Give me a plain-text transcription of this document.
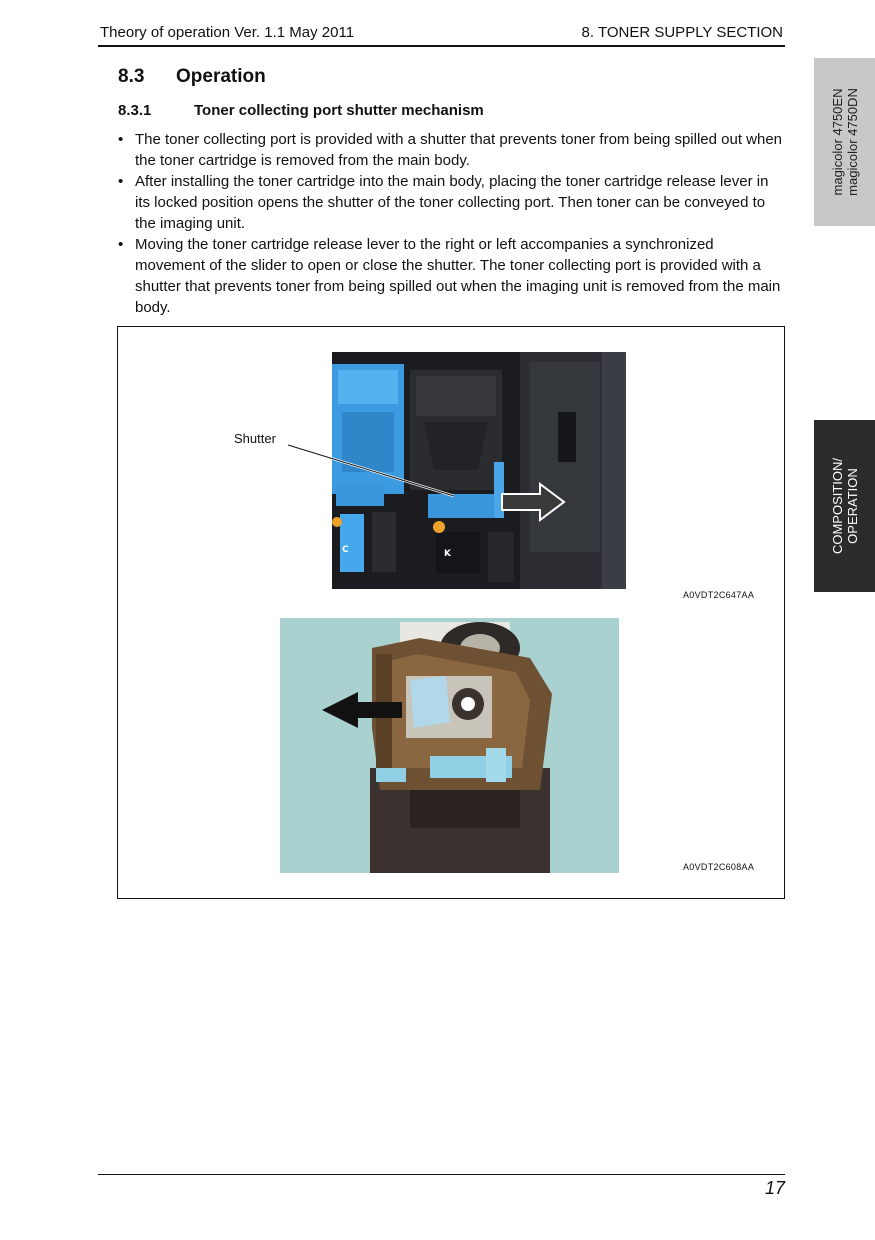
Theory of operation Ver. 1.1 May 2011	8. TONER SUPPLY SECTION
magicolor 4750EN magicolor 4750DN
COMPOSITION/ OPERATION
8.3 Operation
8.3.1	Toner collecting port shutter mechanism
• The toner collecting port is provided with a shutter that prevents toner from being spilled out when the toner cartridge is removed from the main body.
• After installing the toner cartridge into the main body, placing the toner cartridge release lever in its locked position opens the shutter of the toner collecting port. Then toner can be conveyed to the imaging unit.
• Moving the toner cartridge release lever to the right or left accompanies a synchronized movement of the slider to open or close the shutter. The toner collecting port is provided with a shutter that prevents toner from being spilled out when the imaging unit is removed from the main body.
C	K
Shutter
A0VDT2C647AA
A0VDT2C608AA
17
